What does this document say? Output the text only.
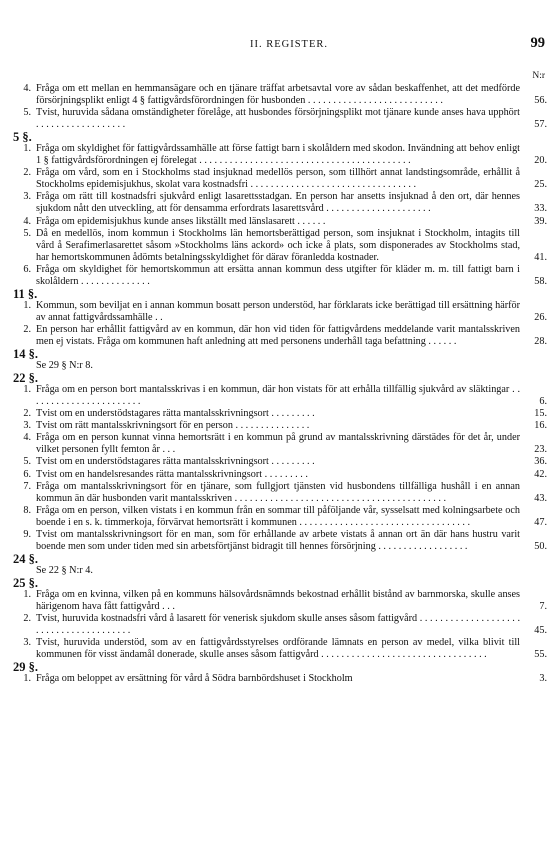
II. REGISTER.	99
N:r
4. Fråga om ett mellan en hemmansägare och en tjänare träffat arbetsavtal vore av sådan beskaffenhet, att det medförde försörjningsplikt enligt 4 § fattigvårdsförordningen för husbonden . . . . . . . . . . . . . . . . . . . . . . . . . . .	56.
5. Tvist, huruvida sådana omständigheter förelåge, att husbondes försörjningsplikt mot tjänare kunde anses hava upphört . . . . . . . . . . . . . . . . . .	57.
5 §.
1. Fråga om skyldighet för fattigvårdssamhälle att förse fattigt barn i skolåldern med skodon. Invändning att behov enligt 1 § fattigvårdsförordningen ej förelegat . . . . . . . . . . . . . . . . . . . . . . . . . . . . . . . . . . . . . . . . . .	20.
2. Fråga om vård, som en i Stockholms stad insjuknad medellös person, som tillhört annat landstingsområde, erhållit å Stockholms epidemisjukhus, skolat vara kostnadsfri . . . . . . . . . . . . . . . . . . . . . . . . . . . . . . . . .	25.
3. Fråga om rätt till kostnadsfri sjukvård enligt lasarettsstadgan. En person har ansetts insjuknad å den ort, där hennes sjukdom nått den utveckling, att för densamma erfordrats lasarettsvård . . . . . . . . . . . . . . . . . . . . .	33.
4. Fråga om epidemisjukhus kunde anses likställt med länslasarett . . . . . .	39.
5. Då en medellös, inom kommun i Stockholms län hemortsberättigad person, som insjuknat i Stockholm, intagits till vård å Serafimerlasarettet såsom »Stockholms läns ackord» och icke å plats, som disponerades av Stockholms stad, har hemortskommunen ådömts betalningsskyldighet för därav föranledda kostnader.	41.
6. Fråga om skyldighet för hemortskommun att ersätta annan kommun dess utgifter för kläder m. m. till fattigt barn i skolåldern . . . . . . . . . . . . . .	58.
11 §.
1. Kommun, som beviljat en i annan kommun bosatt person understöd, har förklarats icke berättigad till ersättning härför av annat fattigvårdssamhälle . .	26.
2. En person har erhållit fattigvård av en kommun, där hon vid tiden för fattigvårdens meddelande varit mantalsskriven men ej vistats. Fråga om kommunen haft anledning att med personens underhåll taga befattning . . . . . .	28.
14 §.
Se 29 § N:r 8.
22 §.
1. Fråga om en person bort mantalsskrivas i en kommun, där hon vistats för att erhålla tillfällig sjukvård av släktingar . . . . . . . . . . . . . . . . . . . . . . .	6.
2. Tvist om en understödstagares rätta mantalsskrivningsort . . . . . . . . .	15.
3. Tvist om rätt mantalsskrivningsort för en person . . . . . . . . . . . . . . .	16.
4. Fråga om en person kunnat vinna hemortsrätt i en kommun på grund av mantalsskrivning därstädes för det år, under vilket personen fyllt femton år . . .	23.
5. Tvist om en understödstagares rätta mantalsskrivningsort . . . . . . . . .	36.
6. Tvist om en handelsresandes rätta mantalsskrivningsort . . . . . . . . .	42.
7. Fråga om mantalsskrivningsort för en tjänare, som fullgjort tjänsten vid husbondens tillfälliga hushåll i en annan kommun än där husbonden varit mantalsskriven . . . . . . . . . . . . . . . . . . . . . . . . . . . . . . . . . . . . . . . . . .	43.
8. Fråga om en person, vilken vistats i en kommun från en sommar till påföljande vår, sysselsatt med kolningsarbete och boende i en s. k. timmerkoja, förvärvat hemortsrätt i kommunen . . . . . . . . . . . . . . . . . . . . . . . . . . . . . . . . . .	47.
9. Tvist om mantalsskrivningsort för en man, som för erhållande av arbete vistats å annan ort än där hans hustru varit boende men som under tiden med sin arbetsförtjänst bidragit till hennes försörjning . . . . . . . . . . . . . . . . . .	50.
24 §.
Se 22 § N:r 4.
25 §.
1. Fråga om en kvinna, vilken på en kommuns hälsovårdsnämnds bekostnad erhållit bistånd av barnmorska, skulle anses härigenom hava fått fattigvård . . .	7.
2. Tvist, huruvida kostnadsfri vård å lasarett för venerisk sjukdom skulle anses såsom fattigvård . . . . . . . . . . . . . . . . . . . . . . . . . . . . . . . . . . . . . . .	45.
3. Tvist, huruvida understöd, som av en fattigvårdsstyrelses ordförande lämnats en person av medel, vilka blivit till kommunen för visst ändamål donerade, skulle anses såsom fattigvård . . . . . . . . . . . . . . . . . . . . . . . . . . . . . . . . .	55.
29 §.
1. Fråga om beloppet av ersättning för vård å Södra barnbördshuset i Stockholm	3.
